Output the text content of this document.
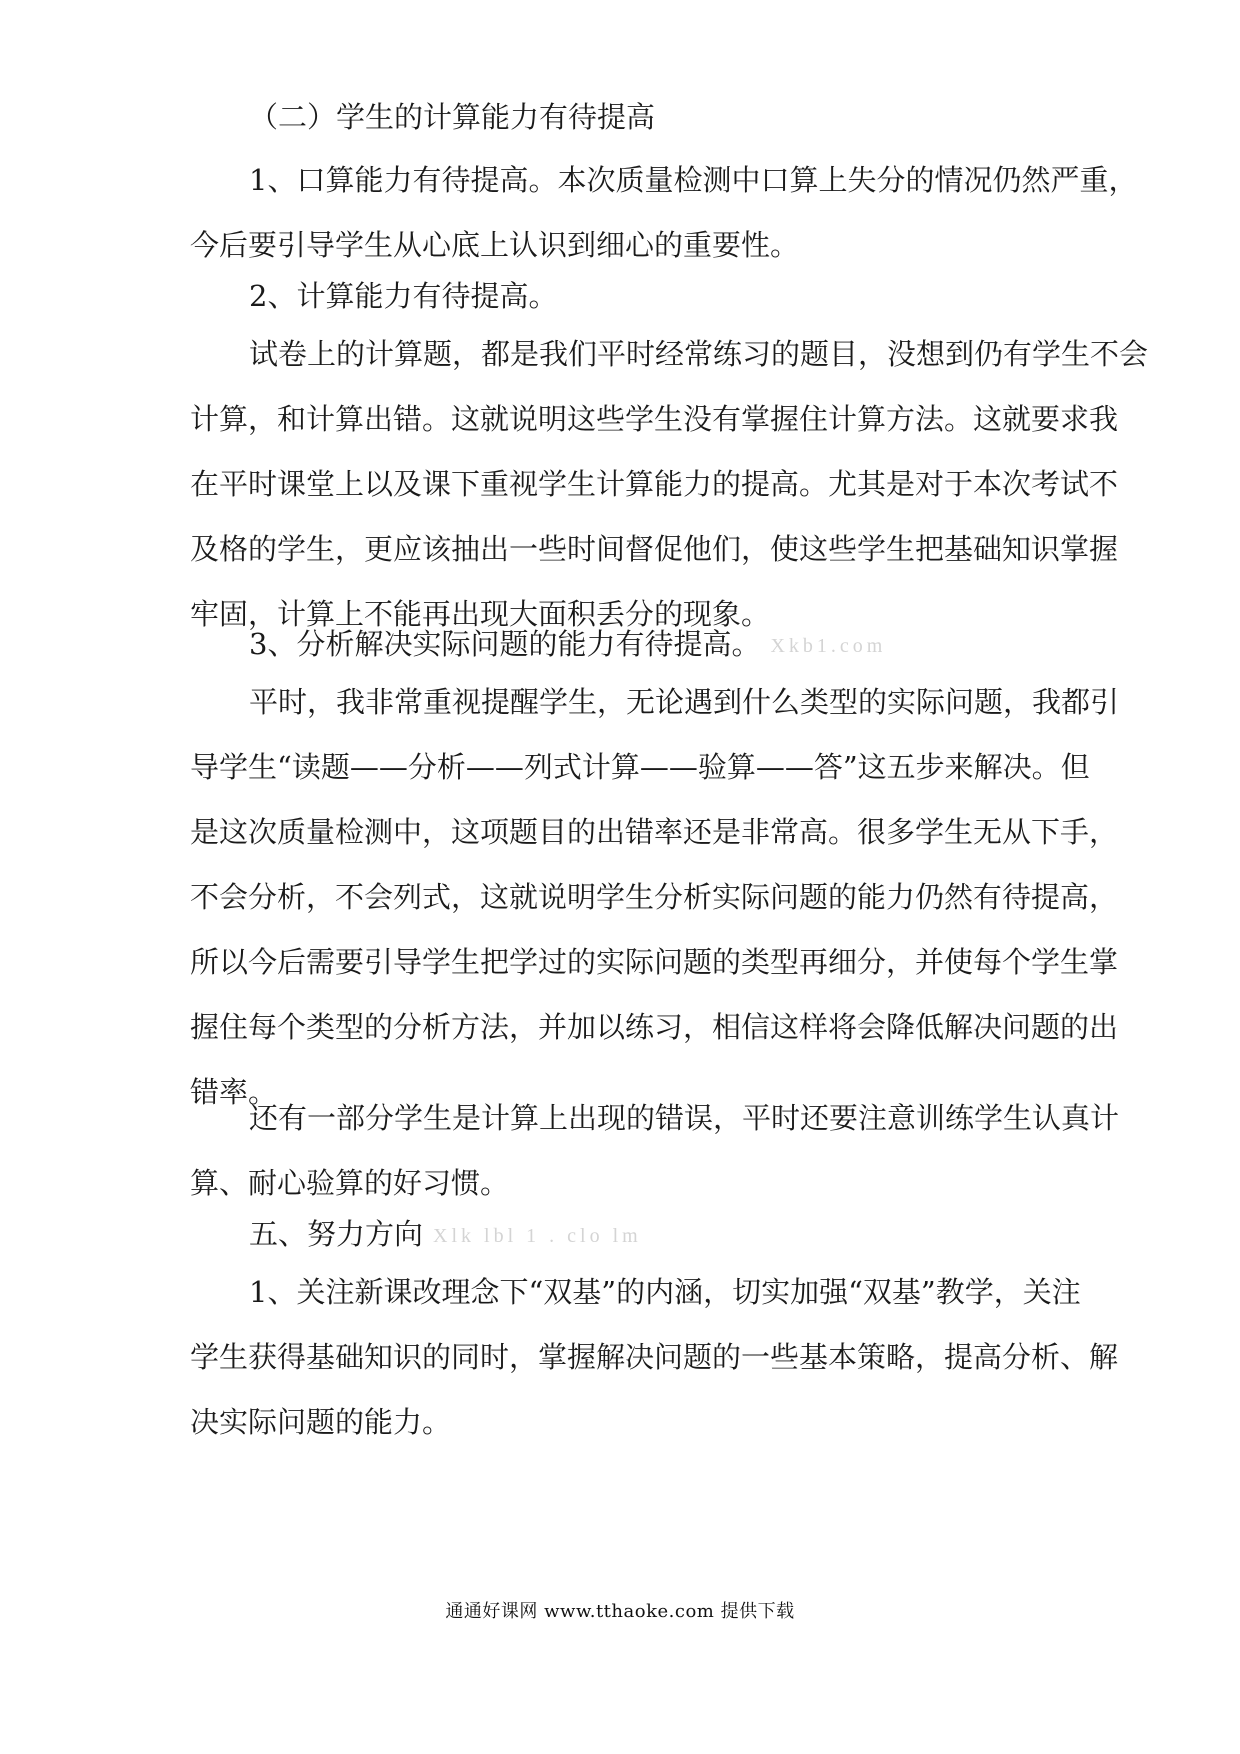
（二）学生的计算能力有待提高
1、口算能力有待提高。本次质量检测中口算上失分的情况仍然严重，
今后要引导学生从心底上认识到细心的重要性。
2、计算能力有待提高。
试卷上的计算题，都是我们平时经常练习的题目，没想到仍有学生不会
计算，和计算出错。这就说明这些学生没有掌握住计算方法。这就要求我
在平时课堂上以及课下重视学生计算能力的提高。尤其是对于本次考试不
及格的学生，更应该抽出一些时间督促他们，使这些学生把基础知识掌握
牢固，计算上不能再出现大面积丢分的现象。
3、分析解决实际问题的能力有待提高。 Xkb1.com
平时，我非常重视提醒学生，无论遇到什么类型的实际问题，我都引
导学生“读题——分析——列式计算——验算——答”这五步来解决。但
是这次质量检测中，这项题目的出错率还是非常高。很多学生无从下手，
不会分析，不会列式，这就说明学生分析实际问题的能力仍然有待提高，
所以今后需要引导学生把学过的实际问题的类型再细分，并使每个学生掌
握住每个类型的分析方法，并加以练习，相信这样将会降低解决问题的出
错率。
还有一部分学生是计算上出现的错误，平时还要注意训练学生认真计
算、耐心验算的好习惯。
五、努力方向 Xlk lbl 1 . clo lm
1、关注新课改理念下“双基”的内涵，切实加强“双基”教学，关注
学生获得基础知识的同时，掌握解决问题的一些基本策略，提高分析、解
决实际问题的能力。
通通好课网 www.tthaoke.com 提供下载
